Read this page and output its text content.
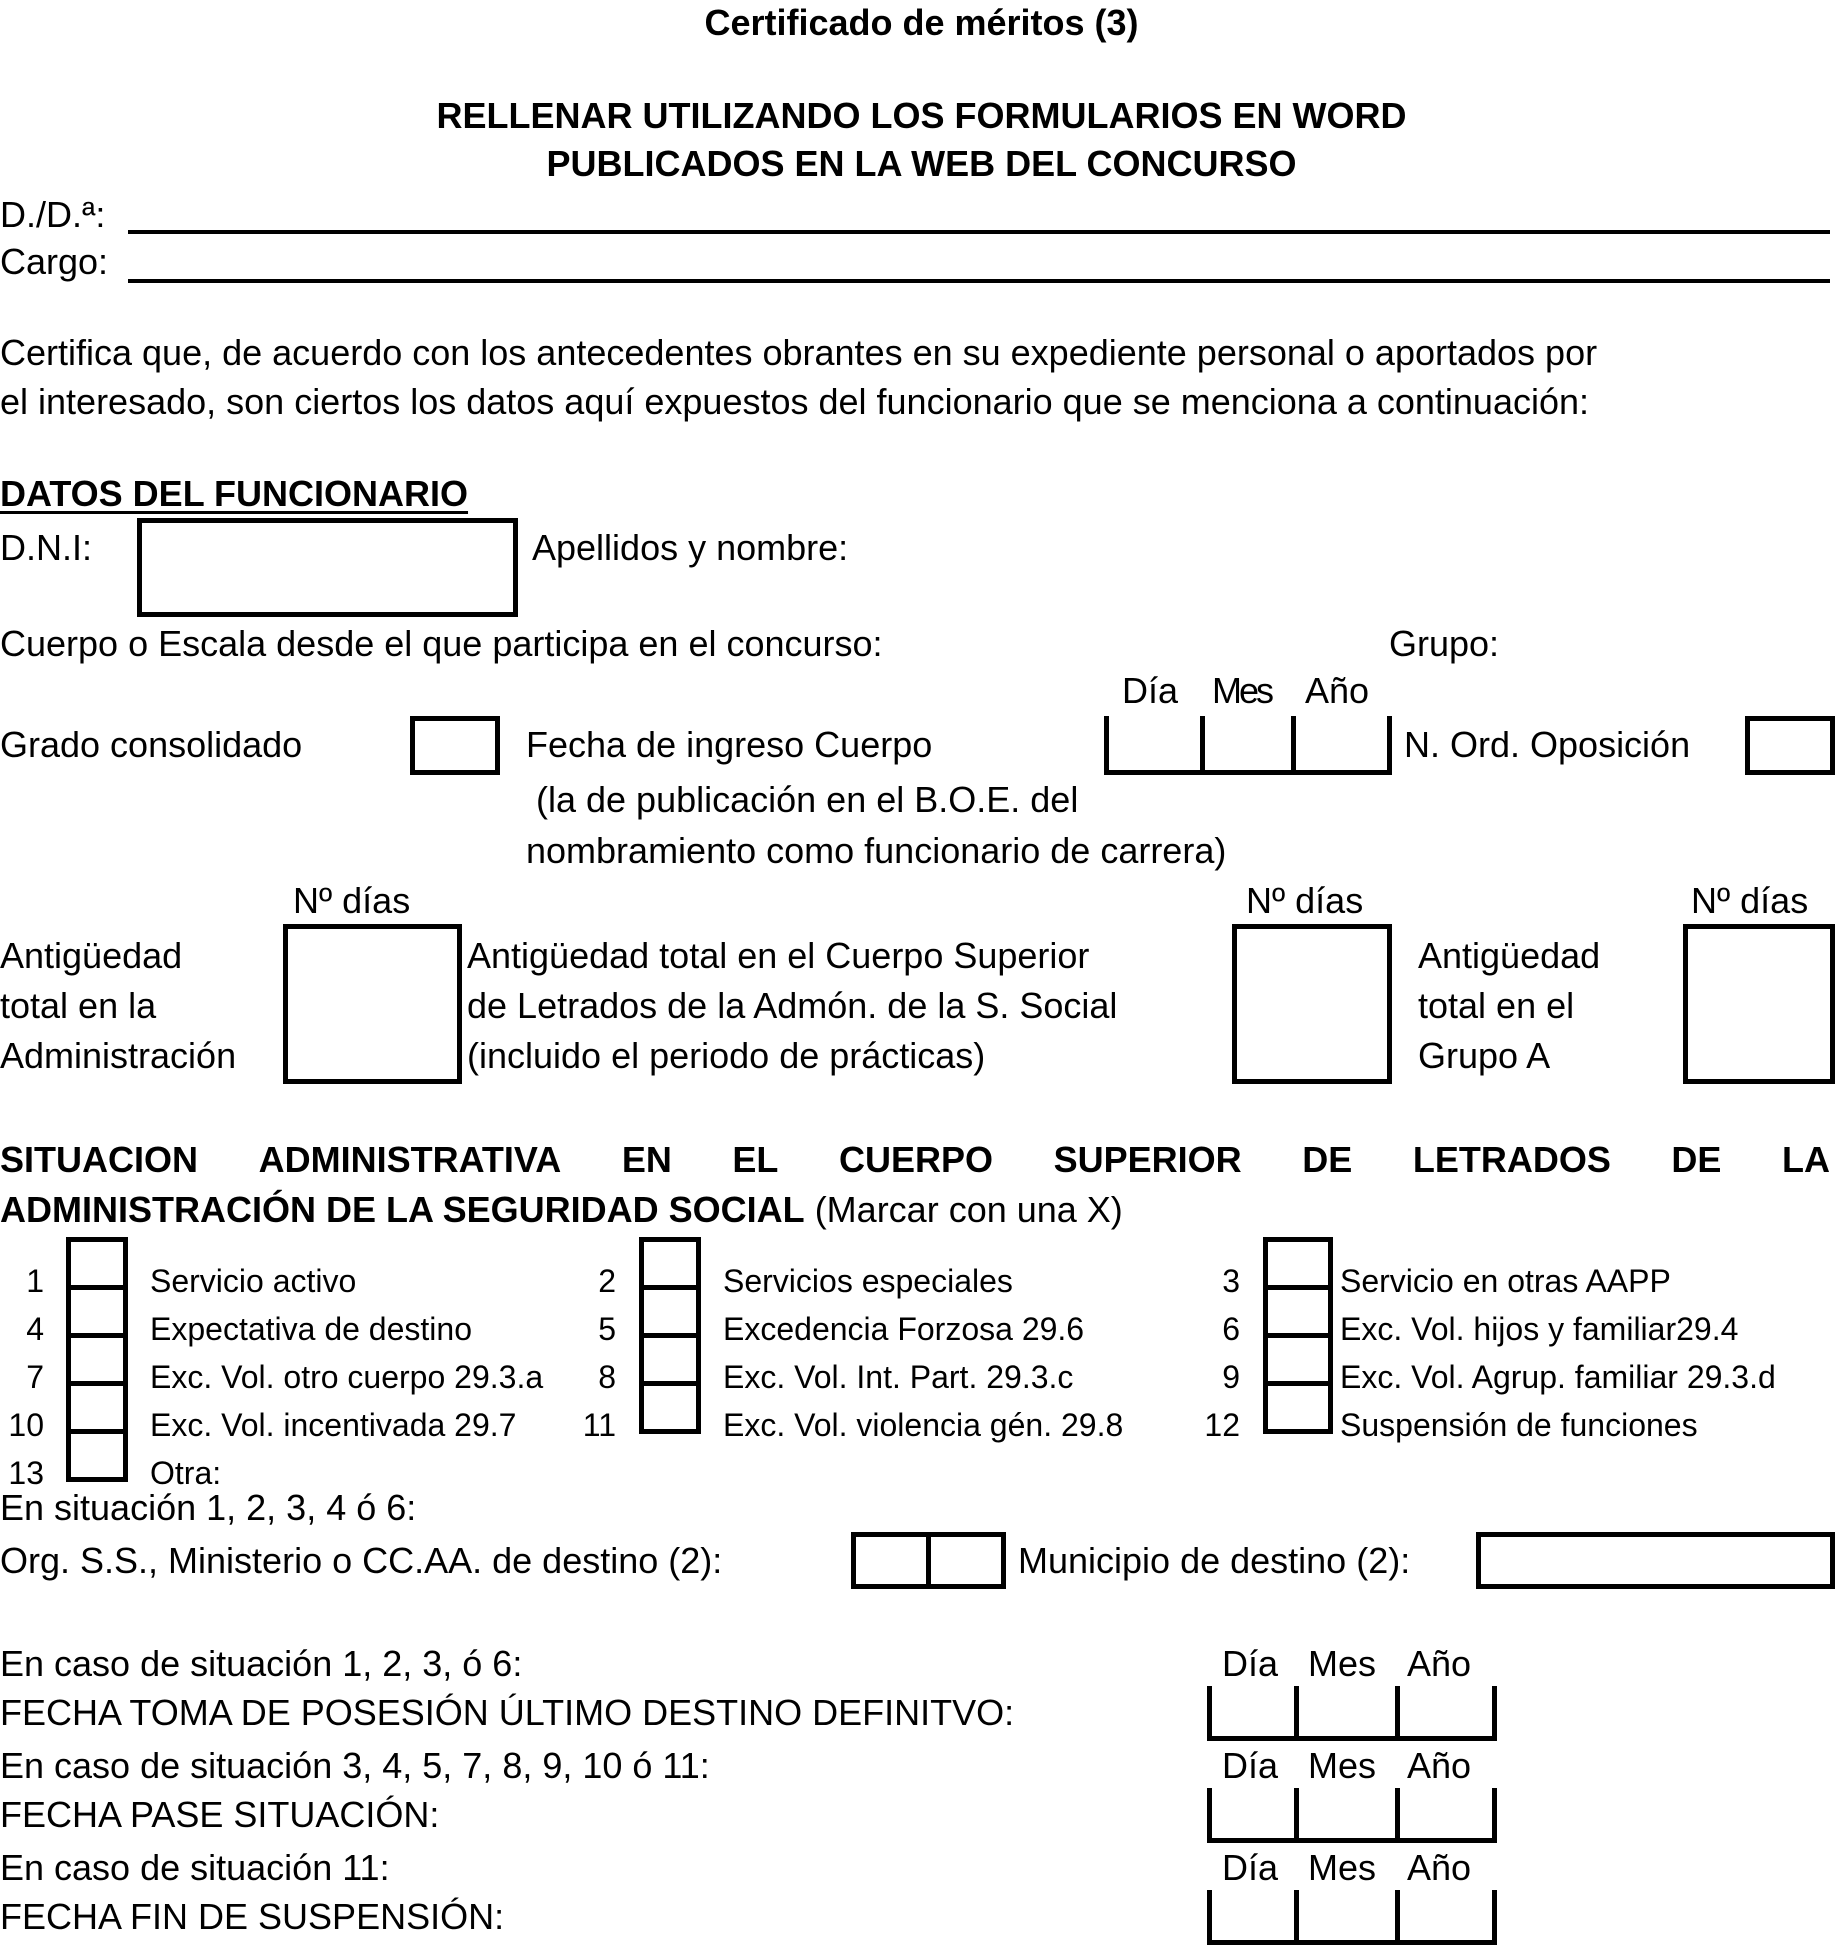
Certificado de méritos (3)
RELLENAR UTILIZANDO LOS FORMULARIOS EN WORD
PUBLICADOS EN LA WEB DEL CONCURSO
D./D.ª:
Cargo:
Certifica que, de acuerdo con los antecedentes obrantes en su expediente personal o aportados por
el interesado, son ciertos los datos aquí expuestos del funcionario que se menciona a continuación:
DATOS DEL FUNCIONARIO
D.N.I:	Apellidos y nombre:
Cuerpo o Escala desde el que participa en el concurso:	Grupo:
Día Mes Año
Grado consolidado	Fecha de ingreso Cuerpo	N. Ord. Oposición
(la de publicación en el B.O.E. del
nombramiento como funcionario de carrera)
Nº días	Nº días	Nº días
Antigüedad
total en la
Administración
Antigüedad total en el Cuerpo Superior
de Letrados de la Admón. de la S. Social
(incluido el periodo de prácticas)
Antigüedad
total en el
Grupo A
SITUACION ADMINISTRATIVA EN EL CUERPO SUPERIOR DE LETRADOS DE LA
ADMINISTRACIÓN DE LA SEGURIDAD SOCIAL (Marcar con una X)
1	Servicio activo	2	Servicios especiales	3	Servicio en otras AAPP
4	Expectativa de destino	5	Excedencia Forzosa 29.6	6	Exc. Vol. hijos y familiar29.4
7	Exc. Vol. otro cuerpo 29.3.a	8	Exc. Vol. Int. Part. 29.3.c	9	Exc. Vol. Agrup. familiar 29.3.d
10	Exc. Vol. incentivada 29.7	11	Exc. Vol. violencia gén. 29.8	12	Suspensión de funciones
13	Otra:
En situación 1, 2, 3, 4 ó 6:
Org. S.S., Ministerio o CC.AA. de destino (2):	Municipio de destino (2):
En caso de situación 1, 2, 3, ó 6:
FECHA TOMA DE POSESIÓN ÚLTIMO DESTINO DEFINITVO:
Día Mes Año
En caso de situación 3, 4, 5, 7, 8, 9, 10 ó 11:
FECHA PASE SITUACIÓN:
Día Mes Año
En caso de situación 11:
FECHA FIN DE SUSPENSIÓN:
Día Mes Año
